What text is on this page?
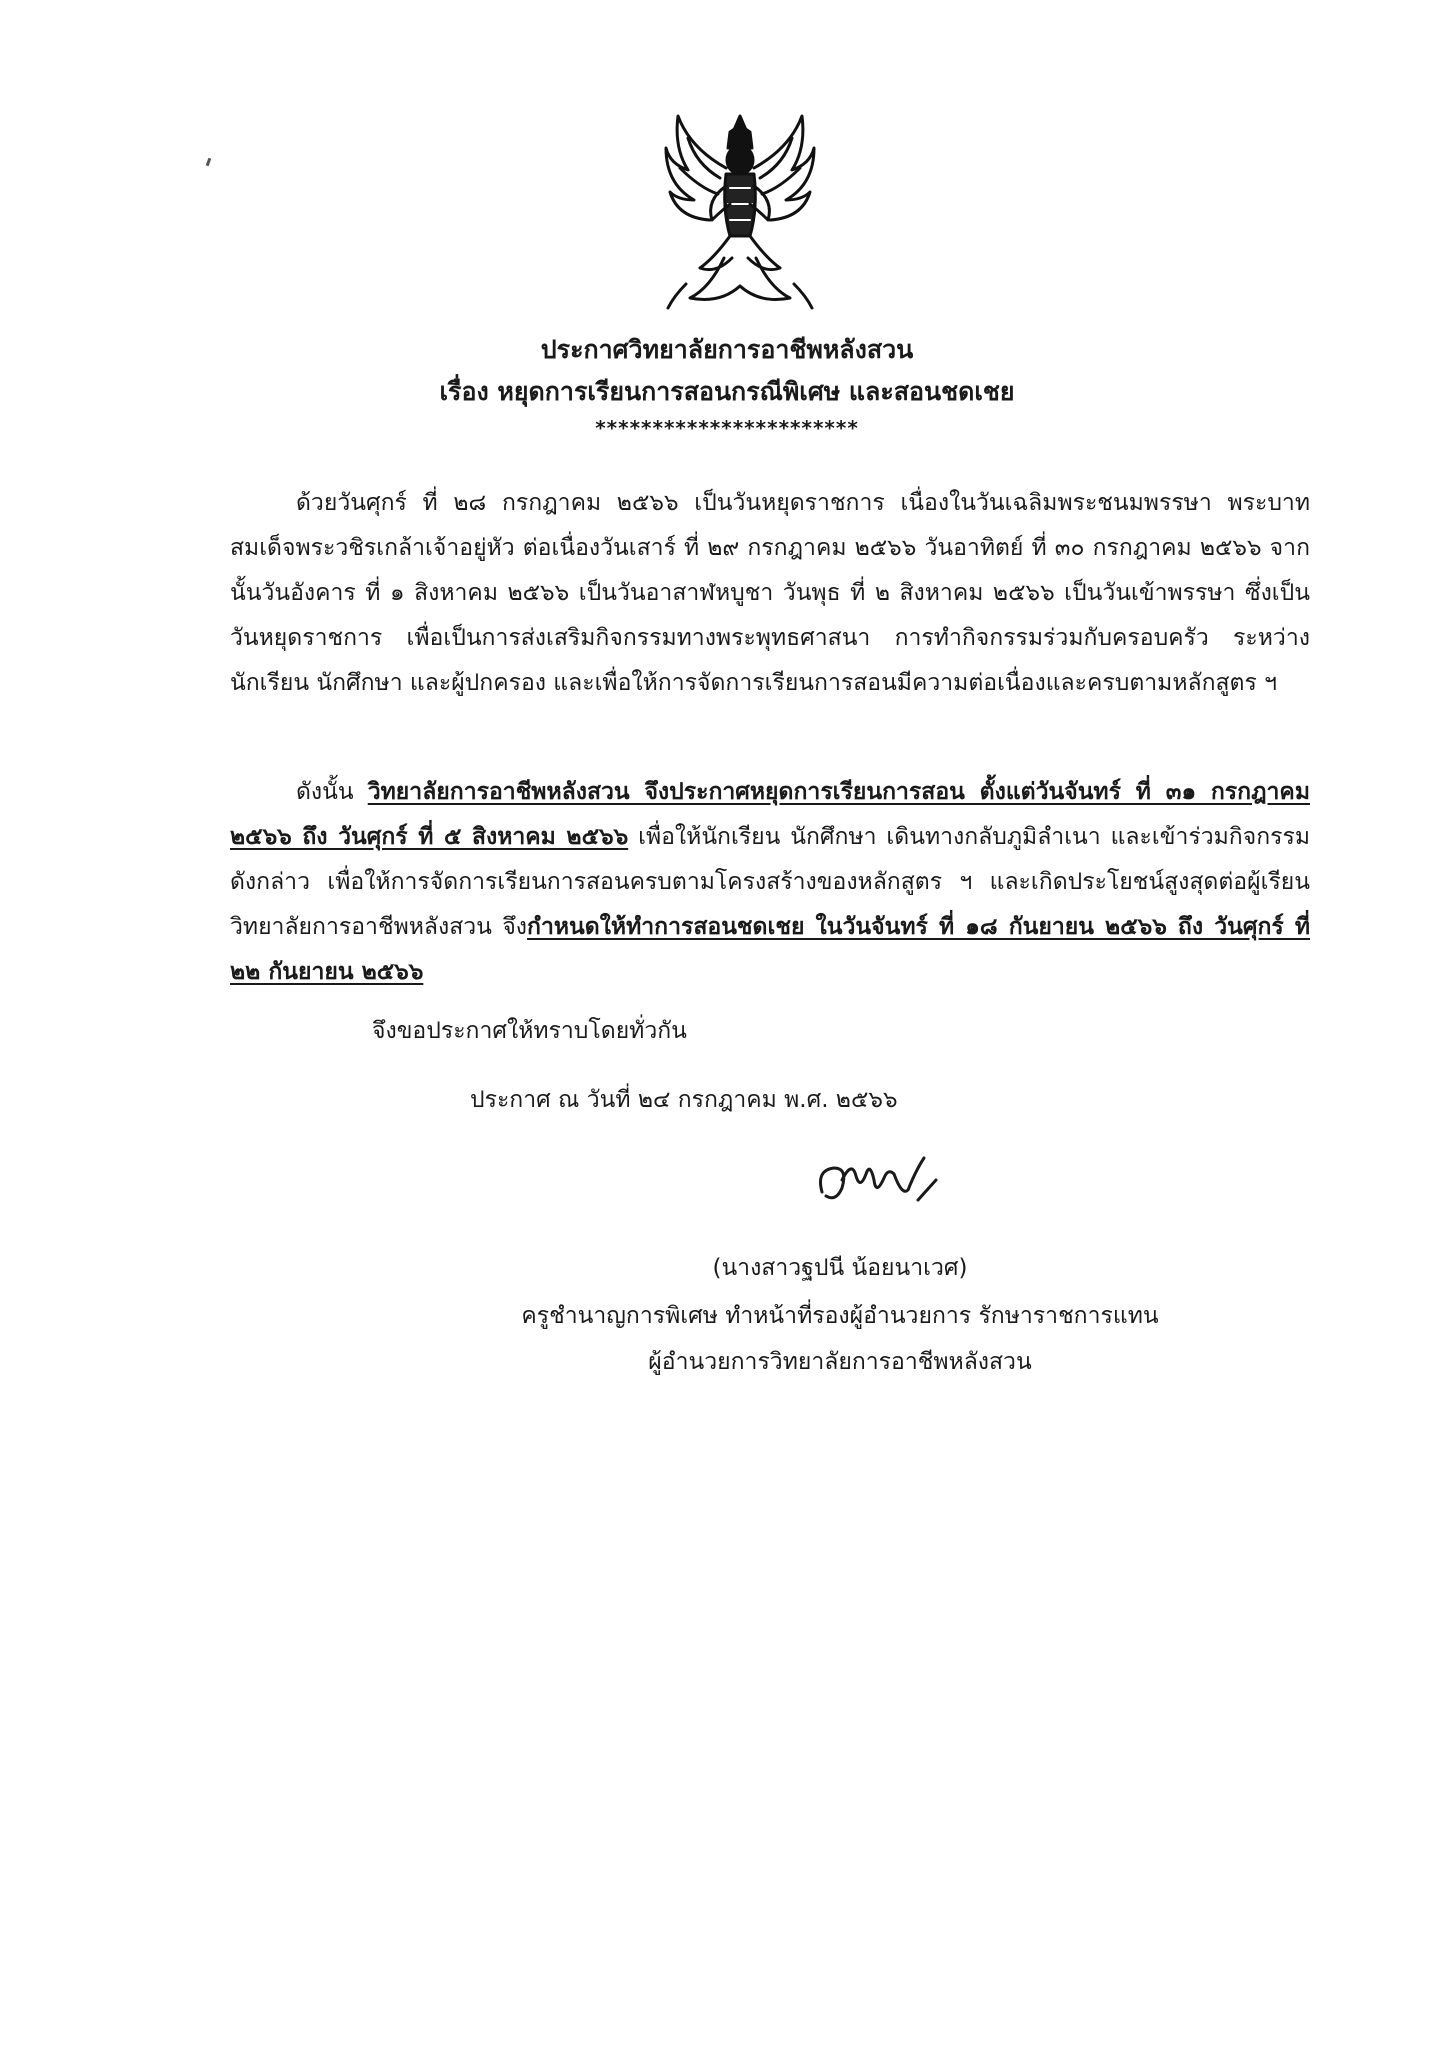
ประกาศวิทยาลัยการอาชีพหลังสวน
เรื่อง หยุดการเรียนการสอนกรณีพิเศษ และสอนชดเชย
***********************

ด้วยวันศุกร์ ที่ ๒๘ กรกฎาคม ๒๕๖๖ เป็นวันหยุดราชการ เนื่องในวันเฉลิมพระชนมพรรษา พระบาทสมเด็จพระวชิรเกล้าเจ้าอยู่หัว ต่อเนื่องวันเสาร์ ที่ ๒๙ กรกฎาคม ๒๕๖๖ วันอาทิตย์ ที่ ๓๐ กรกฎาคม ๒๕๖๖ จากนั้นวันอังคาร ที่ ๑ สิงหาคม ๒๕๖๖ เป็นวันอาสาฬหบูชา วันพุธ ที่ ๒ สิงหาคม ๒๕๖๖ เป็นวันเข้าพรรษา ซึ่งเป็นวันหยุดราชการ เพื่อเป็นการส่งเสริมกิจกรรมทางพระพุทธศาสนา การทำกิจกรรมร่วมกับครอบครัว ระหว่างนักเรียน นักศึกษา และผู้ปกครอง และเพื่อให้การจัดการเรียนการสอนมีความต่อเนื่องและครบตามหลักสูตร ฯ

ดังนั้น วิทยาลัยการอาชีพหลังสวน จึงประกาศหยุดการเรียนการสอน ตั้งแต่วันจันทร์ ที่ ๓๑ กรกฎาคม ๒๕๖๖ ถึง วันศุกร์ ที่ ๕ สิงหาคม ๒๕๖๖ เพื่อให้นักเรียน นักศึกษา เดินทางกลับภูมิลำเนา และเข้าร่วมกิจกรรมดังกล่าว เพื่อให้การจัดการเรียนการสอนครบตามโครงสร้างของหลักสูตร ฯ และเกิดประโยชน์สูงสุดต่อผู้เรียน วิทยาลัยการอาชีพหลังสวน จึงกำหนดให้ทำการสอนชดเชย ในวันจันทร์ ที่ ๑๘ กันยายน ๒๕๖๖ ถึง วันศุกร์ ที่ ๒๒ กันยายน ๒๕๖๖

จึงขอประกาศให้ทราบโดยทั่วกัน
ประกาศ ณ วันที่ ๒๔ กรกฎาคม พ.ศ. ๒๕๖๖
(นางสาวฐปนี น้อยนาเวศ)
ครูชำนาญการพิเศษ ทำหน้าที่รองผู้อำนวยการ รักษาราชการแทน
ผู้อำนวยการวิทยาลัยการอาชีพหลังสวน
